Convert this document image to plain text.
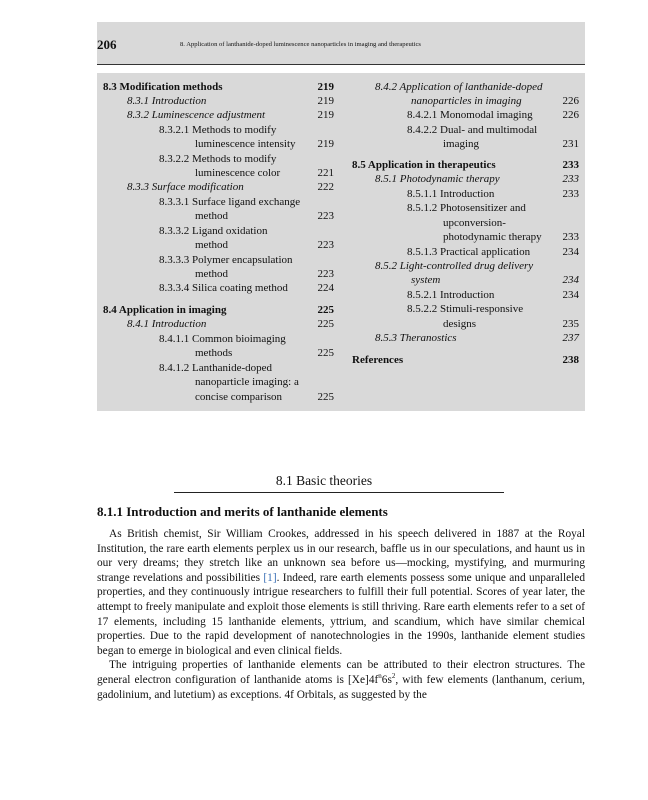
206	8. Application of lanthanide-doped luminescence nanoparticles in imaging and therapeutics
8.3 Modification methods	219
8.3.1 Introduction	219
8.3.2 Luminescence adjustment	219
8.3.2.1 Methods to modify
luminescence intensity	219
8.3.2.2 Methods to modify
luminescence color	221
8.3.3 Surface modification	222
8.3.3.1 Surface ligand exchange
method	223
8.3.3.2 Ligand oxidation
method	223
8.3.3.3 Polymer encapsulation
method	223
8.3.3.4 Silica coating method	224
8.4 Application in imaging	225
8.4.1 Introduction	225
8.4.1.1 Common bioimaging
methods	225
8.4.1.2 Lanthanide-doped
nanoparticle imaging: a
concise comparison	225
8.4.2 Application of lanthanide-doped
nanoparticles in imaging	226
8.4.2.1 Monomodal imaging	226
8.4.2.2 Dual- and multimodal
imaging	231
8.5 Application in therapeutics	233
8.5.1 Photodynamic therapy	233
8.5.1.1 Introduction	233
8.5.1.2 Photosensitizer and
upconversion-
photodynamic therapy	233
8.5.1.3 Practical application	234
8.5.2 Light-controlled drug delivery
system	234
8.5.2.1 Introduction	234
8.5.2.2 Stimuli-responsive
designs	235
8.5.3 Theranostics	237
References	238
8.1 Basic theories
8.1.1 Introduction and merits of lanthanide elements

As British chemist, Sir William Crookes, addressed in his speech delivered in 1887 at the Royal Institution, the rare earth elements perplex us in our research, baffle us in our speculations, and haunt us in our very dreams; they stretch like an unknown sea before us—mocking, mystifying, and murmuring strange revelations and possibilities [1]. Indeed, rare earth elements possess some unique and unparalleled properties, and they continuously intrigue researchers to fulfill their full potential. Scores of year later, the attempt to freely manipulate and exploit those elements is still thriving. Rare earth elements refer to a set of 17 elements, including 15 lanthanide elements, yttrium, and scandium, which have similar chemical properties. Due to the rapid development of nanotechnologies in the 1990s, lanthanide element studies began to emerge in biological and even clinical fields.

The intriguing properties of lanthanide elements can be attributed to their electron structures. The general electron configuration of lanthanide atoms is $[Xe]4f^n6s^2$, with few elements (lanthanum, cerium, gadolinium, and lutetium) as exceptions. 4f Orbitals, as suggested by the
